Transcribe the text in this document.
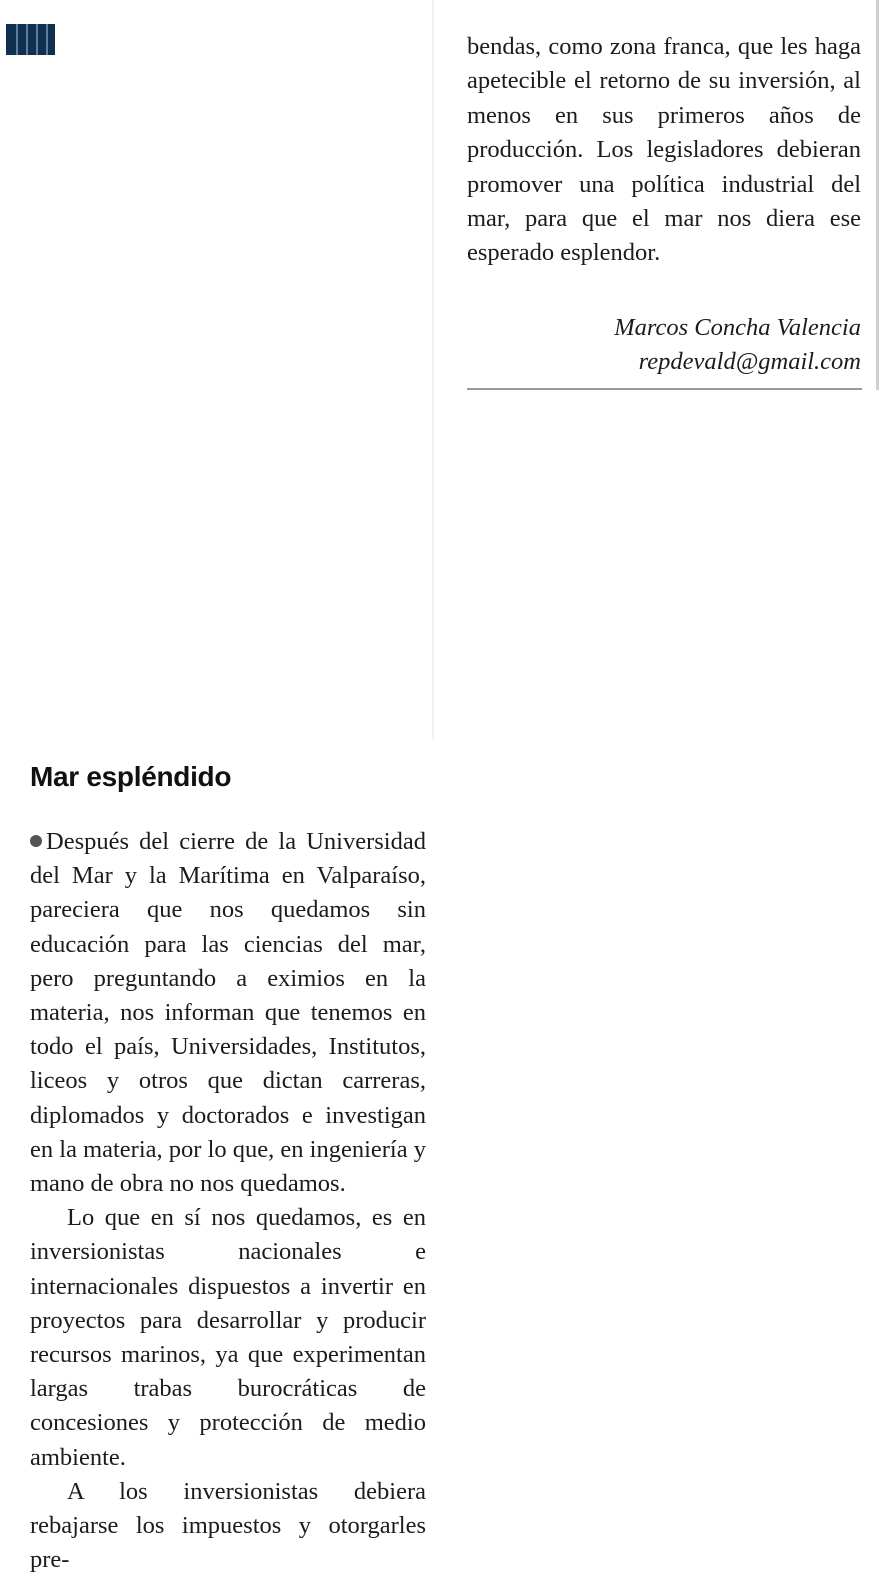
bendas, como zona franca, que les haga apetecible el retorno de su inversión, al menos en sus primeros años de producción. Los legisladores debieran promover una política industrial del mar, para que el mar nos diera ese esperado esplendor.

Marcos Concha Valencia
repdevald@gmail.com
Mar espléndido

Después del cierre de la Universidad del Mar y la Marítima en Valparaíso, pareciera que nos quedamos sin educación para las ciencias del mar, pero preguntando a eximios en la materia, nos informan que tenemos en todo el país, Universidades, Institutos, liceos y otros que dictan carreras, diplomados y doctorados e investigan en la materia, por lo que, en ingeniería y mano de obra no nos quedamos.

Lo que en sí nos quedamos, es en inversionistas nacionales e internacionales dispuestos a invertir en proyectos para desarrollar y producir recursos marinos, ya que experimentan largas trabas burocráticas de concesiones y protección de medio ambiente.

A los inversionistas debiera rebajarse los impuestos y otorgarles pre-
